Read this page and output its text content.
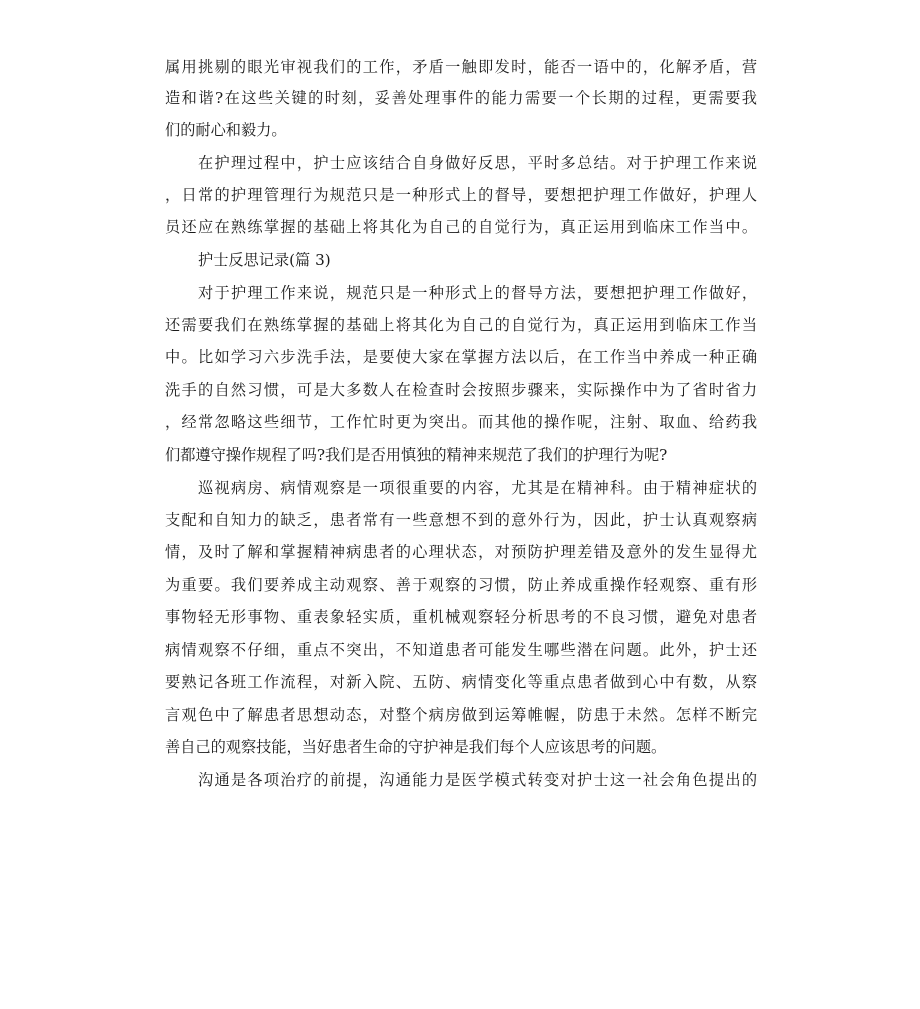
属用挑剔的眼光审视我们的工作，矛盾一触即发时，能否一语中的，化解矛盾，营
造和谐?在这些关键的时刻，妥善处理事件的能力需要一个长期的过程，更需要我
们的耐心和毅力。
在护理过程中，护士应该结合自身做好反思，平时多总结。对于护理工作来说
，日常的护理管理行为规范只是一种形式上的督导，要想把护理工作做好，护理人
员还应在熟练掌握的基础上将其化为自己的自觉行为，真正运用到临床工作当中。
护士反思记录(篇 3)
对于护理工作来说，规范只是一种形式上的督导方法，要想把护理工作做好，
还需要我们在熟练掌握的基础上将其化为自己的自觉行为，真正运用到临床工作当
中。比如学习六步洗手法，是要使大家在掌握方法以后，在工作当中养成一种正确
洗手的自然习惯，可是大多数人在检查时会按照步骤来，实际操作中为了省时省力
，经常忽略这些细节，工作忙时更为突出。而其他的操作呢，注射、取血、给药我
们都遵守操作规程了吗?我们是否用慎独的精神来规范了我们的护理行为呢?
巡视病房、病情观察是一项很重要的内容，尤其是在精神科。由于精神症状的
支配和自知力的缺乏，患者常有一些意想不到的意外行为，因此，护士认真观察病
情，及时了解和掌握精神病患者的心理状态，对预防护理差错及意外的发生显得尤
为重要。我们要养成主动观察、善于观察的习惯，防止养成重操作轻观察、重有形
事物轻无形事物、重表象轻实质，重机械观察轻分析思考的不良习惯，避免对患者
病情观察不仔细，重点不突出，不知道患者可能发生哪些潜在问题。此外，护士还
要熟记各班工作流程，对新入院、五防、病情变化等重点患者做到心中有数，从察
言观色中了解患者思想动态，对整个病房做到运筹帷幄，防患于未然。怎样不断完
善自己的观察技能，当好患者生命的守护神是我们每个人应该思考的问题。
沟通是各项治疗的前提，沟通能力是医学模式转变对护士这一社会角色提出的
